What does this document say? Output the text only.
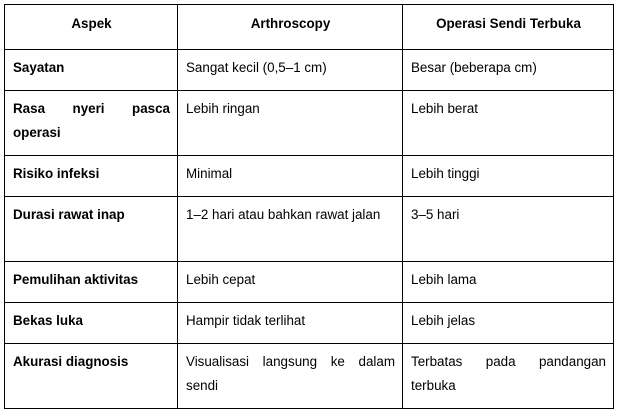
Aspek	Arthroscopy	Operasi Sendi Terbuka
Sayatan	Sangat kecil (0,5–1 cm)	Besar (beberapa cm)
Rasa nyeri pasca operasi	Lebih ringan	Lebih berat
Risiko infeksi	Minimal	Lebih tinggi
Durasi rawat inap	1–2 hari atau bahkan rawat jalan	3–5 hari
Pemulihan aktivitas	Lebih cepat	Lebih lama
Bekas luka	Hampir tidak terlihat	Lebih jelas
Akurasi diagnosis	Visualisasi langsung ke dalam sendi	Terbatas pada pandangan terbuka
